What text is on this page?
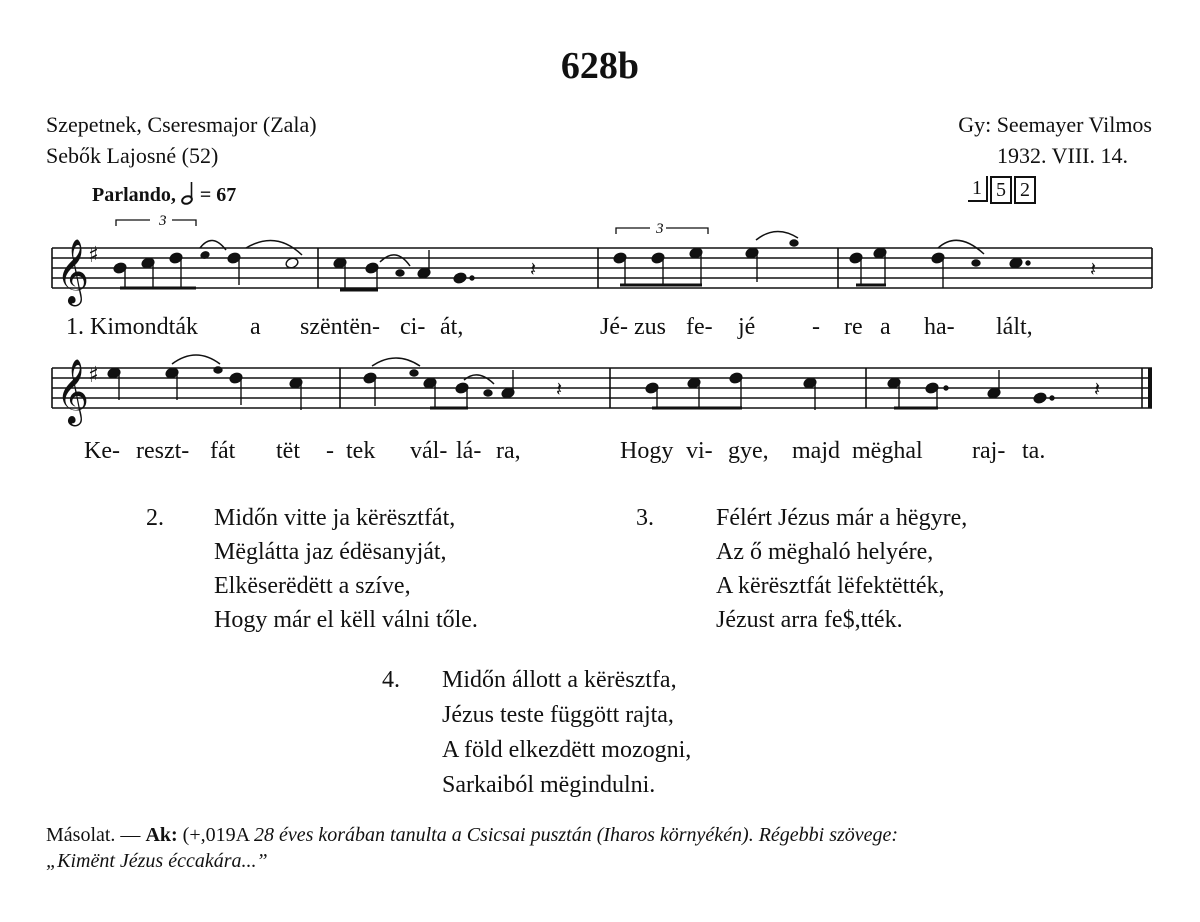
628b
Szepetnek, Cseresmajor (Zala)
Sebők Lajosné (52)
Gy: Seemayer Vilmos
1932. VIII. 14.
1 5 2
Parlando, = 67
𝄞
♯
3	3
𝄽	𝄽
1. Kimondták a szëntën- ci- át,	Jé- zus fe- jé - re a ha- lált,
𝄞
♯
𝄽	𝄽
Ke- reszt- fát tët - tek vál- lá- ra,	Hogy vi- gye, majd mëghal raj- ta.
2. Midőn vitte ja kërësztfát,
Mëglátta jaz édësanyját,
Elkëserëdëtt a szíve,
Hogy már el këll válni tőle.
3.	Félért Jézus már a hëgyre,
Az ő mëghaló helyére,
A kërësztfát lëfektëtték,
Jézust arra fe$,tték.
4. Midőn állott a kërësztfa,
Jézus teste függött rajta,
A föld elkezdëtt mozogni,
Sarkaiból mëgindulni.
Másolat. — Ak: (+,019A 28 éves korában tanulta a Csicsai pusztán (Iharos környékén). Régebbi szövege:
„Kimënt Jézus éccakára...”
